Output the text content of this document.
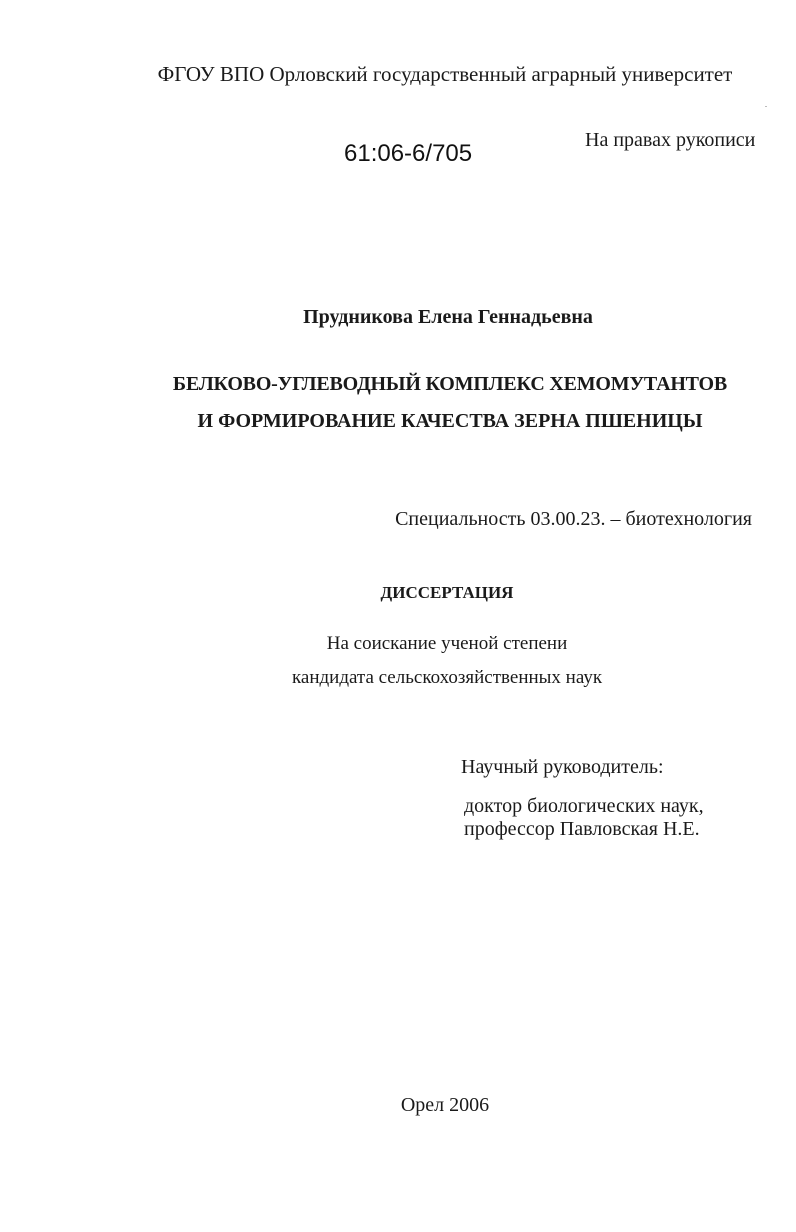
ФГОУ ВПО Орловский государственный аграрный университет
61:06-6/705	На правах рукописи
Прудникова Елена Геннадьевна
БЕЛКОВО-УГЛЕВОДНЫЙ КОМПЛЕКС ХЕМОМУТАНТОВ
И ФОРМИРОВАНИЕ КАЧЕСТВА ЗЕРНА ПШЕНИЦЫ
Специальность 03.00.23. – биотехнология
ДИССЕРТАЦИЯ
На соискание ученой степени
кандидата сельскохозяйственных наук
Научный руководитель:
доктор биологических наук,
профессор Павловская Н.Е.
Орел 2006
